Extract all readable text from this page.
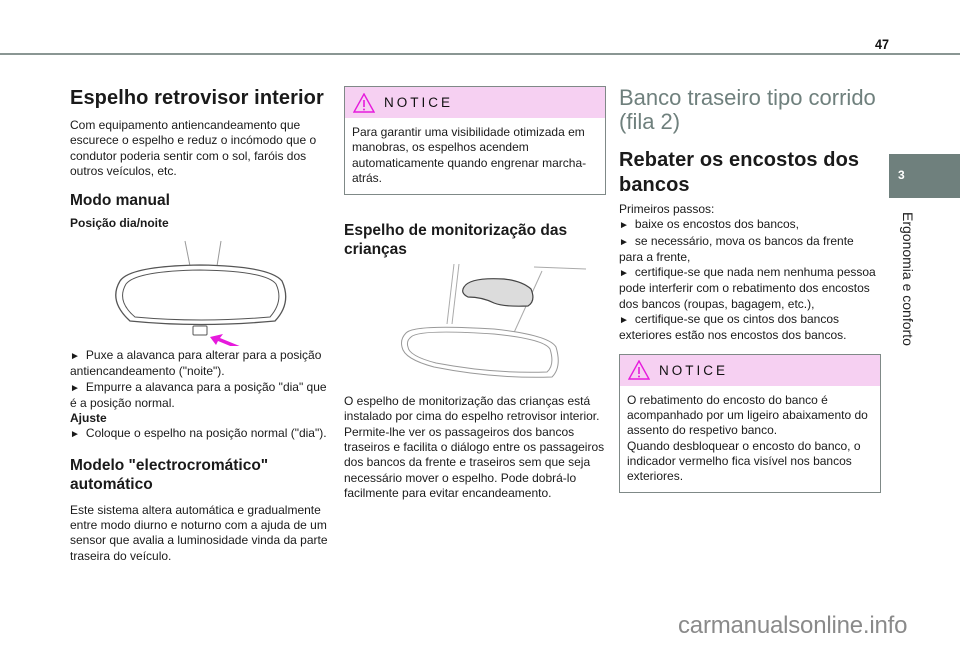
47
Espelho retrovisor interior

Com equipamento antiencandeamento que escurece o espelho e reduz o incómodo que o condutor poderia sentir com o sol, faróis dos outros veículos, etc.

Modo manual
Posição dia/noite

► Puxe a alavanca para alterar para a posição antiencandeamento ("noite").

► Empurre a alavanca para a posição "dia" que é a posição normal.

Ajuste

► Coloque o espelho na posição normal ("dia").

Modelo "electrocromático" automático

Este sistema altera automática e gradualmente entre modo diurno e noturno com a ajuda de um sensor que avalia a luminosidade vinda da parte traseira do veículo.

NOTICE
Para garantir uma visibilidade otimizada em manobras, os espelhos acendem automaticamente quando engrenar marcha-atrás.
Espelho de monitorização das crianças

O espelho de monitorização das crianças está instalado por cima do espelho retrovisor interior. Permite-lhe ver os passageiros dos bancos traseiros e facilita o diálogo entre os passageiros dos bancos da frente e traseiros sem que seja necessário mover o espelho. Pode dobrá-lo facilmente para evitar encandeamento.

Banco traseiro tipo corrido (fila 2)
Rebater os encostos dos bancos

Primeiros passos:

► baixe os encostos dos bancos,

► se necessário, mova os bancos da frente para a frente,

► certifique-se que nada nem nenhuma pessoa pode interferir com o rebatimento dos encostos dos bancos (roupas, bagagem, etc.),

► certifique-se que os cintos dos bancos exteriores estão nos encostos dos bancos.

NOTICE
O rebatimento do encosto do banco é acompanhado por um ligeiro abaixamento do assento do respetivo banco.
Quando desbloquear o encosto do banco, o indicador vermelho fica visível nos bancos exteriores.
3
Ergonomia e conforto
carmanualsonline.info
